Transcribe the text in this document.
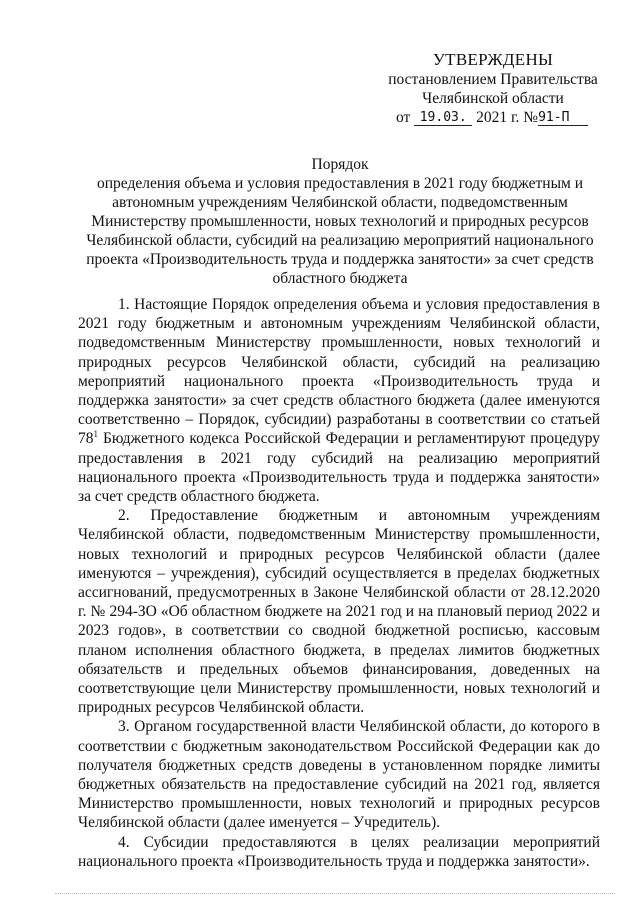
УТВЕРЖДЕНЫ
постановлением Правительства
Челябинской области
от 19.03. 2021 г. №91-П
Порядок
определения объема и условия предоставления в 2021 году бюджетным и
автономным учреждениям Челябинской области, подведомственным
Министерству промышленности, новых технологий и природных ресурсов
Челябинской области, субсидий на реализацию мероприятий национального
проекта «Производительность труда и поддержка занятости» за счет средств
областного бюджета

1. Настоящие Порядок определения объема и условия предоставления в 2021 году бюджетным и автономным учреждениям Челябинской области, подведомственным Министерству промышленности, новых технологий и природных ресурсов Челябинской области, субсидий на реализацию мероприятий национального проекта «Производительность труда и поддержка занятости» за счет средств областного бюджета (далее именуются соответственно – Порядок, субсидии) разработаны в соответствии со статьей $78^1$ Бюджетного кодекса Российской Федерации и регламентируют процедуру предоставления в 2021 году субсидий на реализацию мероприятий национального проекта «Производительность труда и поддержка занятости» за счет средств областного бюджета.

2. Предоставление бюджетным и автономным учреждениям Челябинской области, подведомственным Министерству промышленности, новых технологий и природных ресурсов Челябинской области (далее именуются – учреждения), субсидий осуществляется в пределах бюджетных ассигнований, предусмотренных в Законе Челябинской области от 28.12.2020 г. № 294-ЗО «Об областном бюджете на 2021 год и на плановый период 2022 и 2023 годов», в соответствии со сводной бюджетной росписью, кассовым планом исполнения областного бюджета, в пределах лимитов бюджетных обязательств и предельных объемов финансирования, доведенных на соответствующие цели Министерству промышленности, новых технологий и природных ресурсов Челябинской области.

3. Органом государственной власти Челябинской области, до которого в соответствии с бюджетным законодательством Российской Федерации как до получателя бюджетных средств доведены в установленном порядке лимиты бюджетных обязательств на предоставление субсидий на 2021 год, является Министерство промышленности, новых технологий и природных ресурсов Челябинской области (далее именуется – Учредитель).

4. Субсидии предоставляются в целях реализации мероприятий национального проекта «Производительность труда и поддержка занятости».
